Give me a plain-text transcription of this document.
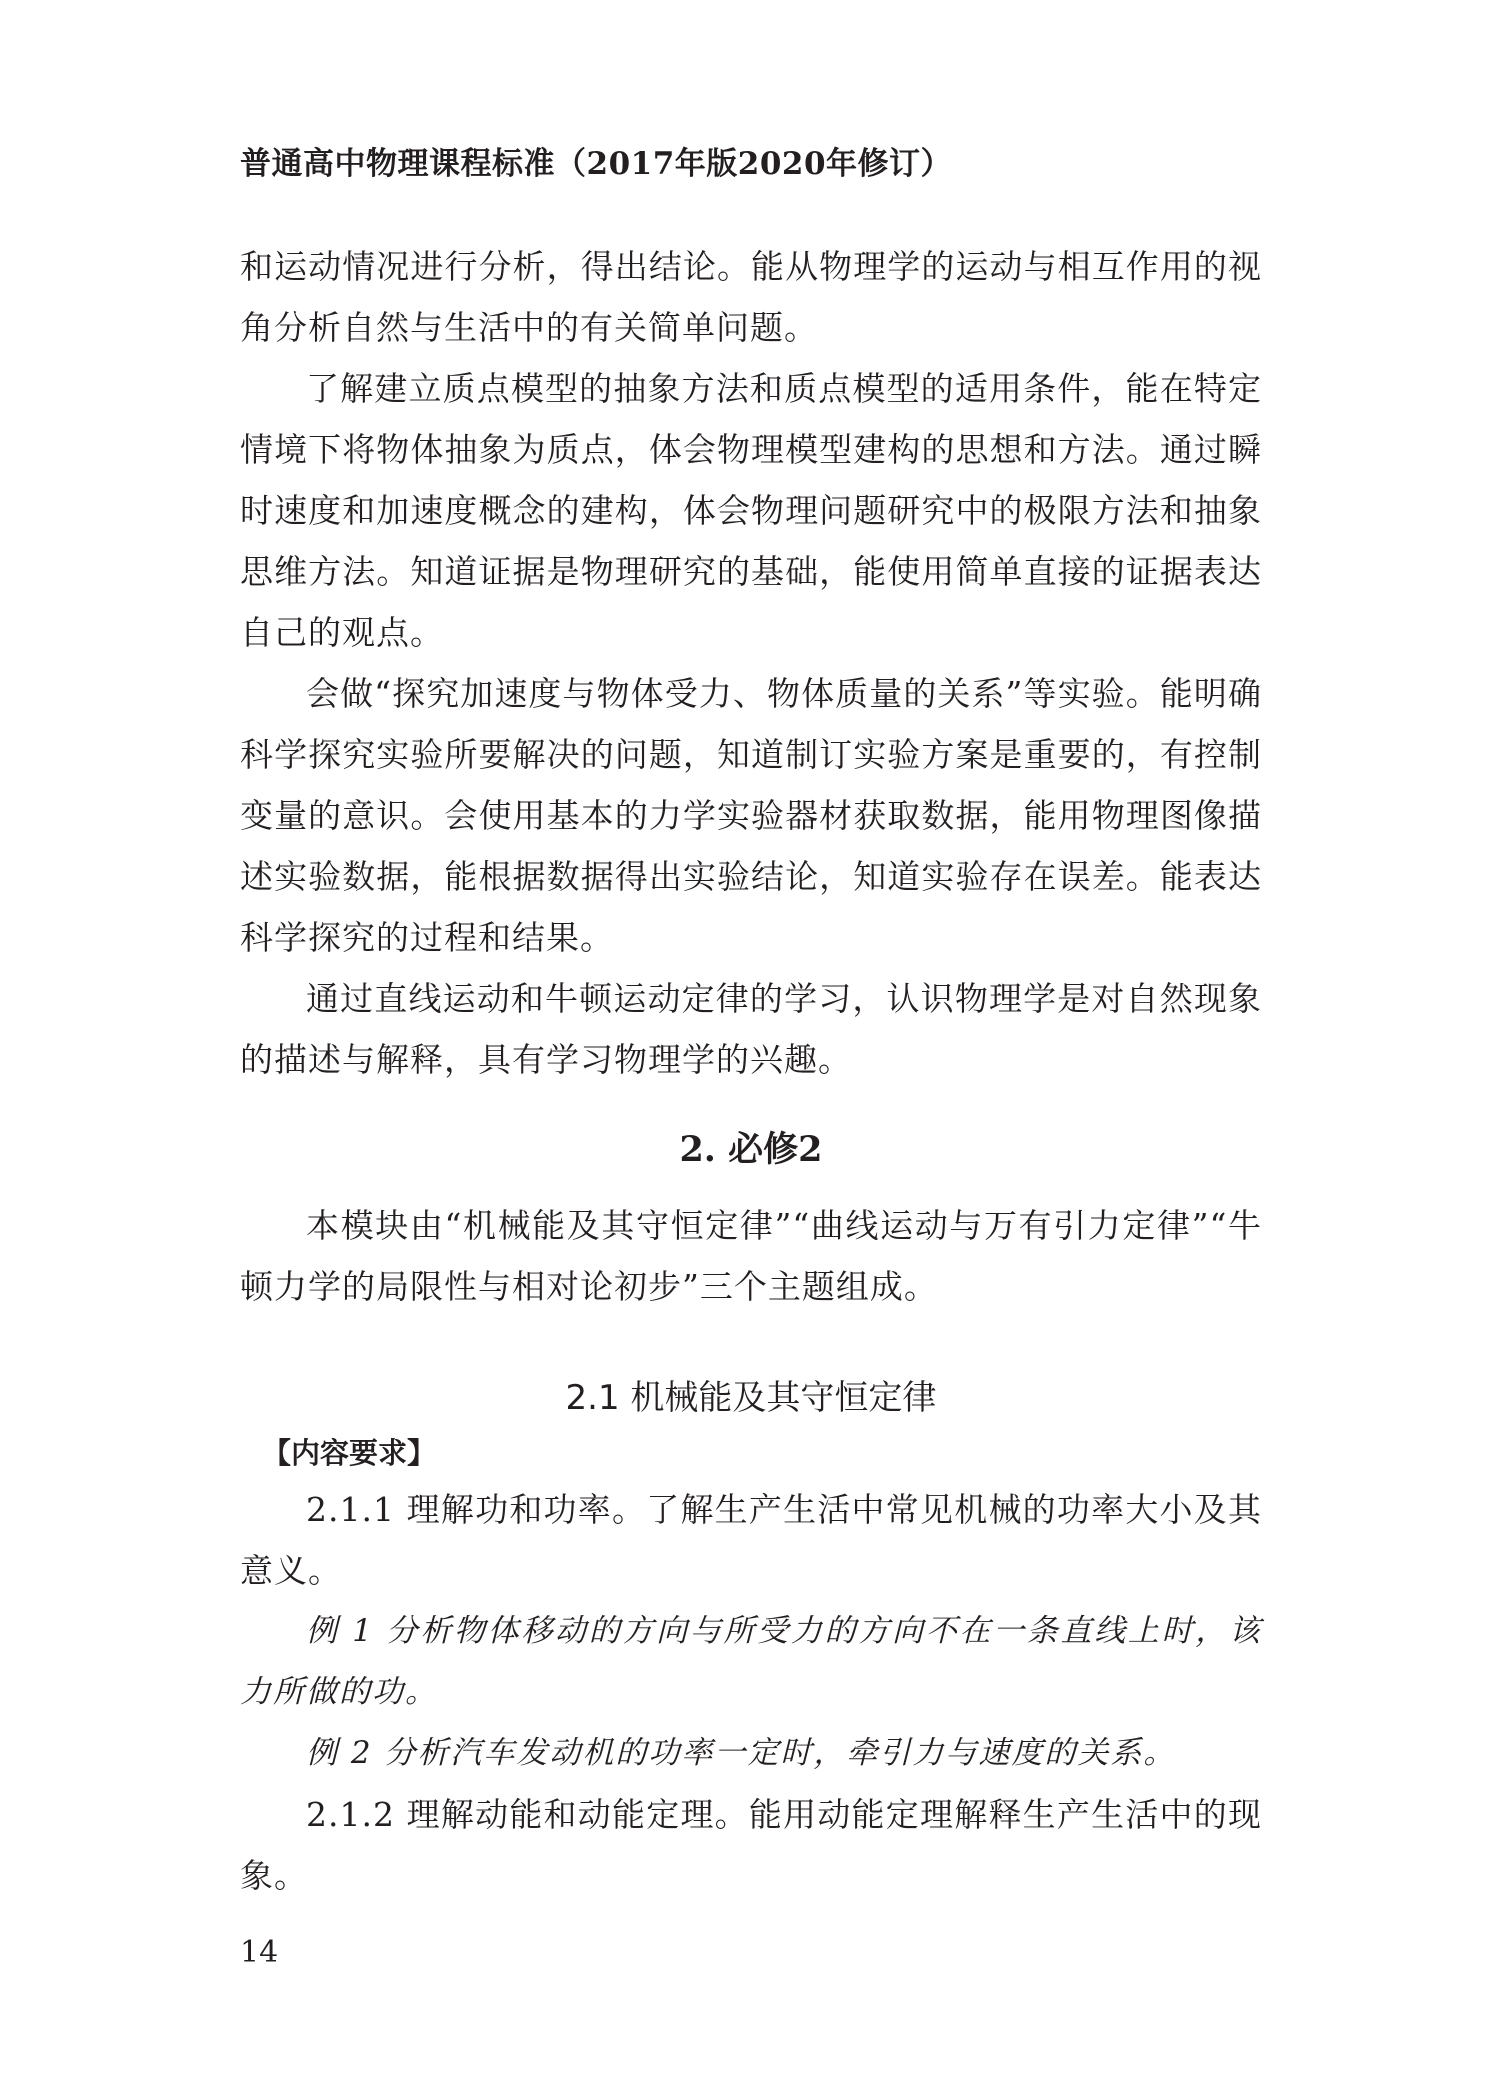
普通高中物理课程标准（2017年版2020年修订）

和运动情况进行分析，得出结论。能从物理学的运动与相互作用的视角分析自然与生活中的有关简单问题。

了解建立质点模型的抽象方法和质点模型的适用条件，能在特定情境下将物体抽象为质点，体会物理模型建构的思想和方法。通过瞬时速度和加速度概念的建构，体会物理问题研究中的极限方法和抽象思维方法。知道证据是物理研究的基础，能使用简单直接的证据表达自己的观点。

会做“探究加速度与物体受力、物体质量的关系”等实验。能明确科学探究实验所要解决的问题，知道制订实验方案是重要的，有控制变量的意识。会使用基本的力学实验器材获取数据，能用物理图像描述实验数据，能根据数据得出实验结论，知道实验存在误差。能表达科学探究的过程和结果。

通过直线运动和牛顿运动定律的学习，认识物理学是对自然现象的描述与解释，具有学习物理学的兴趣。

2. 必修2

本模块由“机械能及其守恒定律”“曲线运动与万有引力定律”“牛顿力学的局限性与相对论初步”三个主题组成。

2.1 机械能及其守恒定律
【内容要求】

2.1.1 理解功和功率。了解生产生活中常见机械的功率大小及其意义。

例 1 分析物体移动的方向与所受力的方向不在一条直线上时，该力所做的功。

例 2 分析汽车发动机的功率一定时，牵引力与速度的关系。

2.1.2 理解动能和动能定理。能用动能定理解释生产生活中的现象。

14
